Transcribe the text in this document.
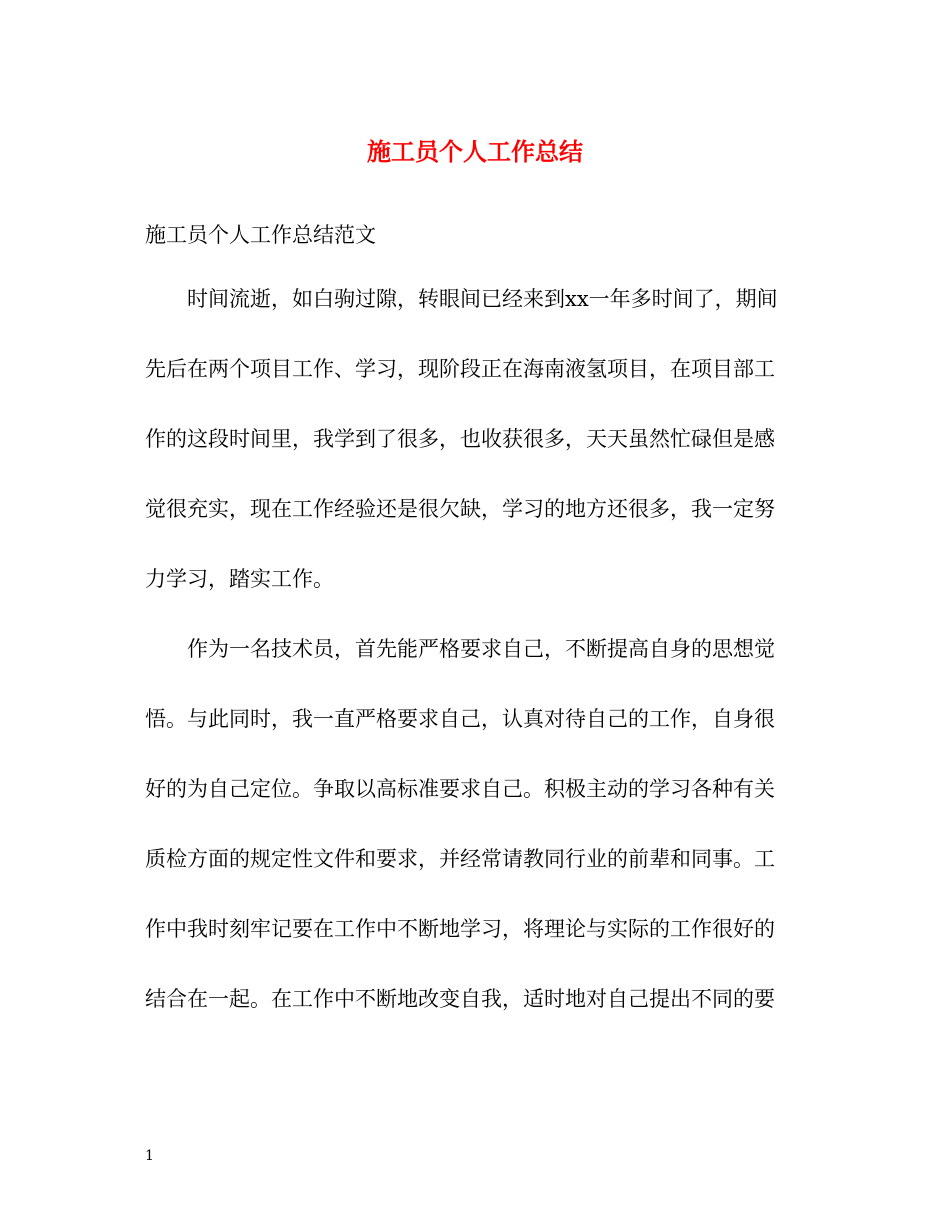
施工员个人工作总结
施工员个人工作总结范文
时间流逝，如白驹过隙，转眼间已经来到xx一年多时间了，期间
先后在两个项目工作、学习，现阶段正在海南液氢项目，在项目部工
作的这段时间里，我学到了很多，也收获很多，天天虽然忙碌但是感
觉很充实，现在工作经验还是很欠缺，学习的地方还很多，我一定努
力学习，踏实工作。
作为一名技术员，首先能严格要求自己，不断提高自身的思想觉
悟。与此同时，我一直严格要求自己，认真对待自己的工作，自身很
好的为自己定位。争取以高标准要求自己。积极主动的学习各种有关
质检方面的规定性文件和要求，并经常请教同行业的前辈和同事。工
作中我时刻牢记要在工作中不断地学习，将理论与实际的工作很好的
结合在一起。在工作中不断地改变自我，适时地对自己提出不同的要
1
